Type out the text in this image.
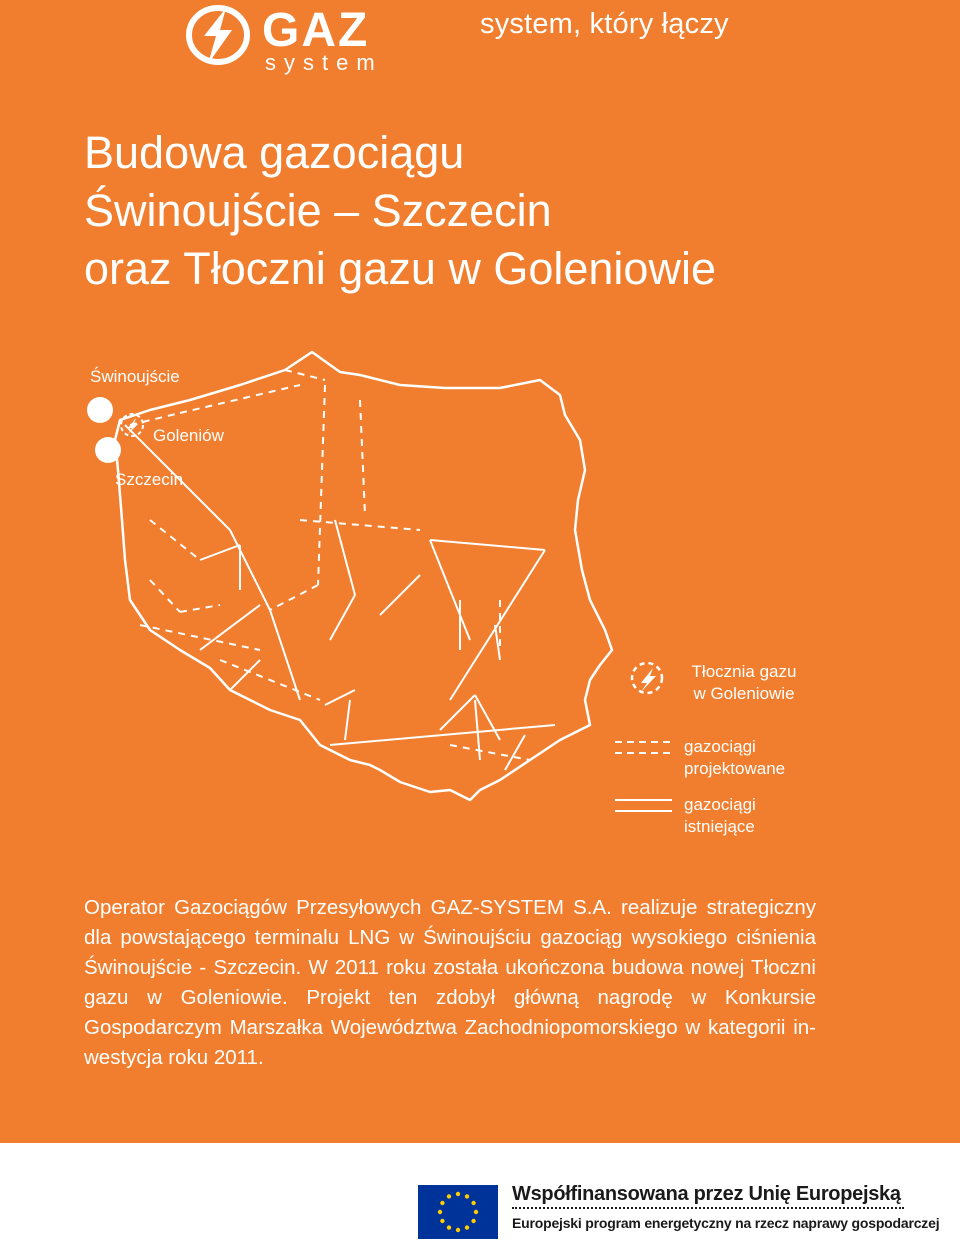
GAZ
system
system, który łączy
Budowa gazociągu
Świnoujście – Szczecin
oraz Tłoczni gazu w Goleniowie
Świnoujście
Goleniów
Szczecin
Tłocznia gazu
w Goleniowie
gazociągi
projektowane
gazociągi
istniejące
Operator Gazociągów Przesyłowych GAZ-SYSTEM S.A. realizuje strategiczny dla powstającego terminalu LNG w Świnoujściu gazociąg wysokiego ciśnienia Świnoujście - Szczecin. W 2011 roku została ukończona budowa nowej Tłoczni gazu w Goleniowie. Projekt ten zdobył główną nagrodę w Konkursie Gospodarczym Marszałka Województwa Zachodniopomorskiego w kategorii inwestycja roku 2011.
Współfinansowana przez Unię Europejską
Europejski program energetyczny na rzecz naprawy gospodarczej
